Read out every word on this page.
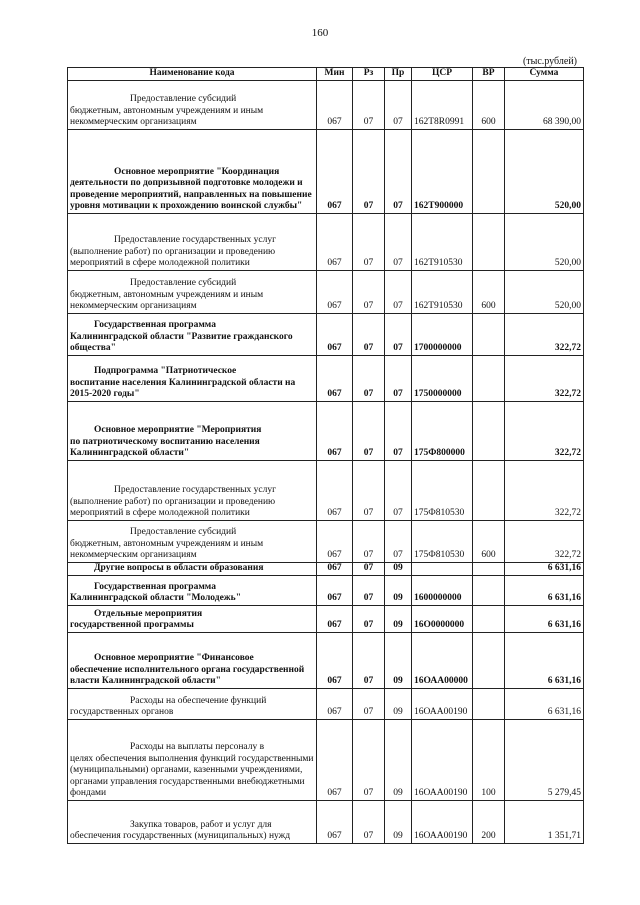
160
(тыс.рублей)
Наименование кода	Мин	Рз	Пр	ЦСР	ВР	Сумма
Предоставление субсидий
бюджетным, автономным учреждениям и иным некоммерческим организациям	067	07	07	162Т8R0991	600	68 390,00
Основное мероприятие "Координация
деятельности по допризывной подготовке молодежи и проведение мероприятий, направленных на повышение уровня мотивации к прохождению воинской службы"	067	07	07	162Т900000		520,00
Предоставление государственных услуг
(выполнение работ) по организации и проведению мероприятий в сфере молодежной политики	067	07	07	162Т910530		520,00
Предоставление субсидий
бюджетным, автономным учреждениям и иным некоммерческим организациям	067	07	07	162Т910530	600	520,00
Государственная программа
Калининградской области "Развитие гражданского общества"	067	07	07	1700000000		322,72
Подпрограмма "Патриотическое
воспитание населения Калининградской области на 2015-2020 годы"	067	07	07	1750000000		322,72
Основное мероприятие "Мероприятия
по патриотическому воспитанию населения Калининградской области"	067	07	07	175Ф800000		322,72
Предоставление государственных услуг
(выполнение работ) по организации и проведению мероприятий в сфере молодежной политики	067	07	07	175Ф810530		322,72
Предоставление субсидий
бюджетным, автономным учреждениям и иным некоммерческим организациям	067	07	07	175Ф810530	600	322,72
Другие вопросы в области образования	067	07	09			6 631,16
Государственная программа
Калининградской области "Молодежь"	067	07	09	1600000000		6 631,16
Отдельные мероприятия
государственной программы	067	07	09	16О0000000		6 631,16
Основное мероприятие "Финансовое
обеспечение исполнительного органа государственной власти Калининградской области"	067	07	09	16ОАА00000		6 631,16
Расходы на обеспечение функций
государственных органов	067	07	09	16ОАА00190		6 631,16
Расходы на выплаты персоналу в
целях обеспечения выполнения функций государственными (муниципальными) органами, казенными учреждениями, органами управления государственными внебюджетными фондами	067	07	09	16ОАА00190	100	5 279,45
Закупка товаров, работ и услуг для
обеспечения государственных (муниципальных) нужд	067	07	09	16ОАА00190	200	1 351,71
